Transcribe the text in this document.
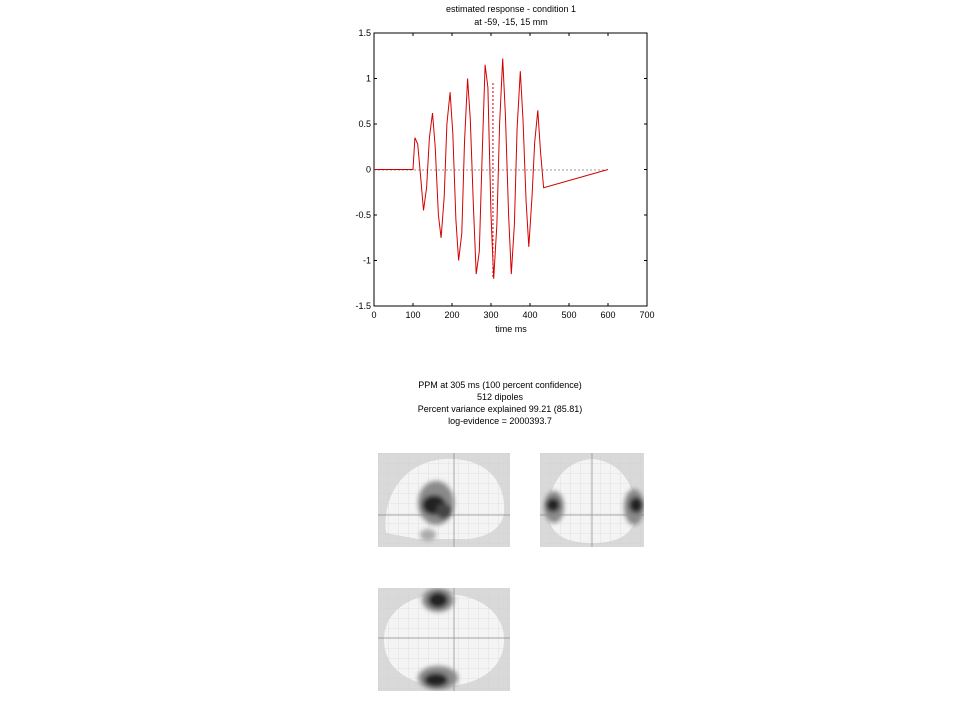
estimated response - condition 1
at -59, -15, 15 mm
0	100	200	300	400	500	600	700
1.5
1
0.5
0
-0.5
-1
-1.5
time ms
PPM at 305 ms (100 percent confidence)
512 dipoles
Percent variance explained 99.21 (85.81)
log-evidence = 2000393.7
